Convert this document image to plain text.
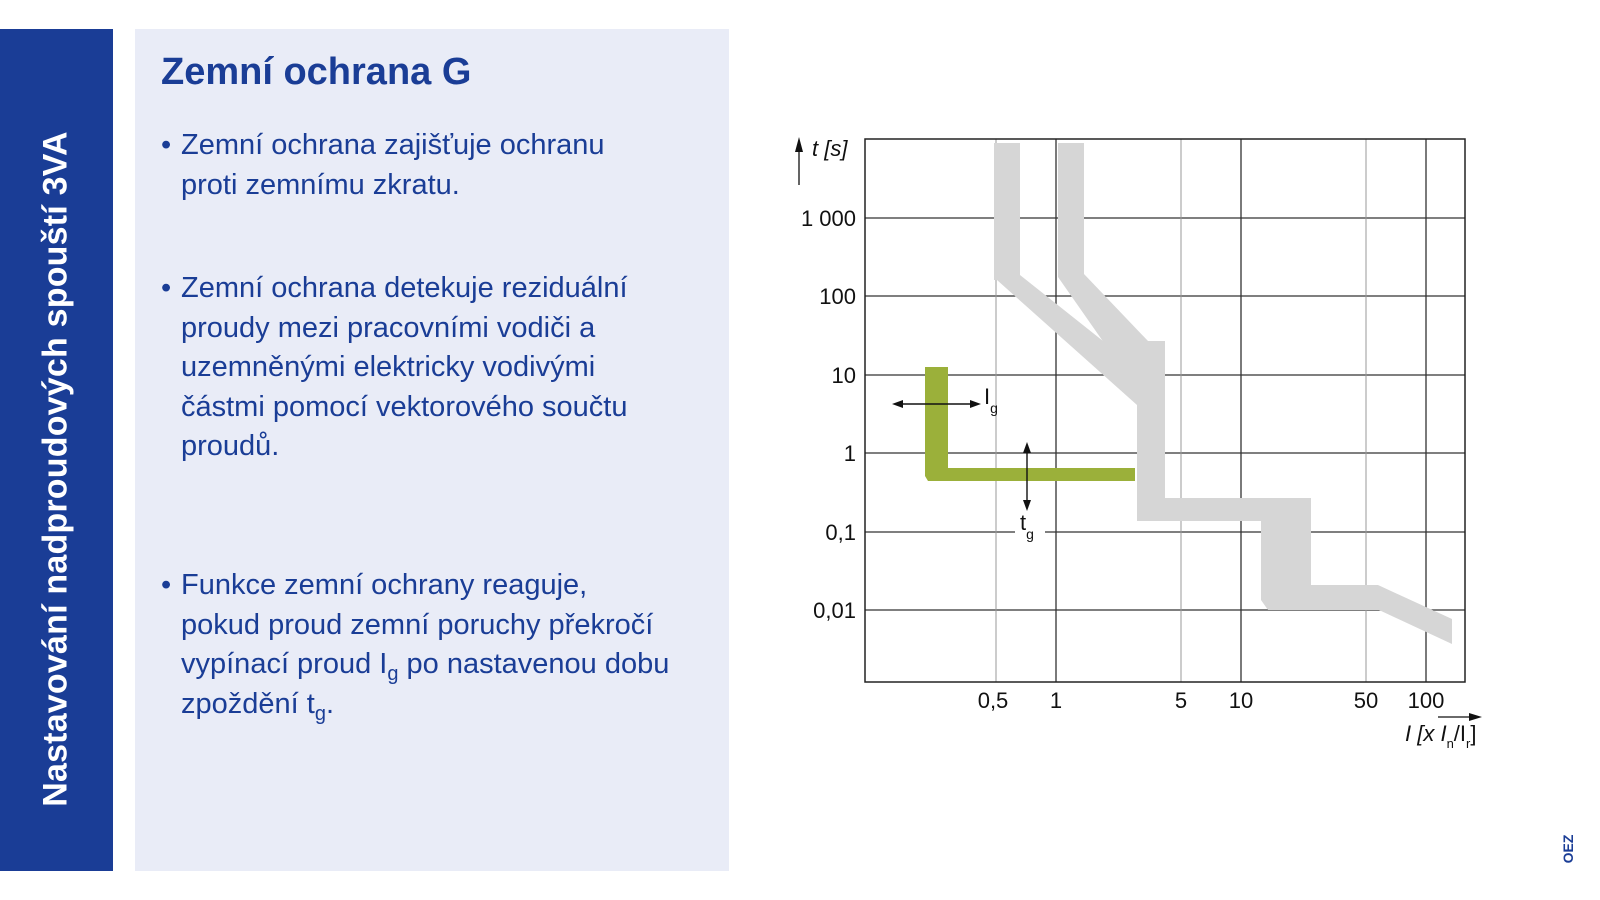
Nastavování nadproudových spouští 3VA
Zemní ochrana G
• Zemní ochrana zajišťuje ochranu proti zemnímu zkratu.
• Zemní ochrana detekuje reziduální proudy mezi pracovními vodiči a uzemněnými elektricky vodivými částmi pomocí vektorového součtu proudů.
• Funkce zemní ochrany reaguje, pokud proud zemní poruchy překročí vypínací proud $I_g$ po nastavenou dobu zpoždění $t_g$.
$I_g$
$t_g$
t [s]
1 000
100
10
1
0,1
0,01
0,5 1	5 10	50 100
I [x $I_n/I_r$]
OEZ
